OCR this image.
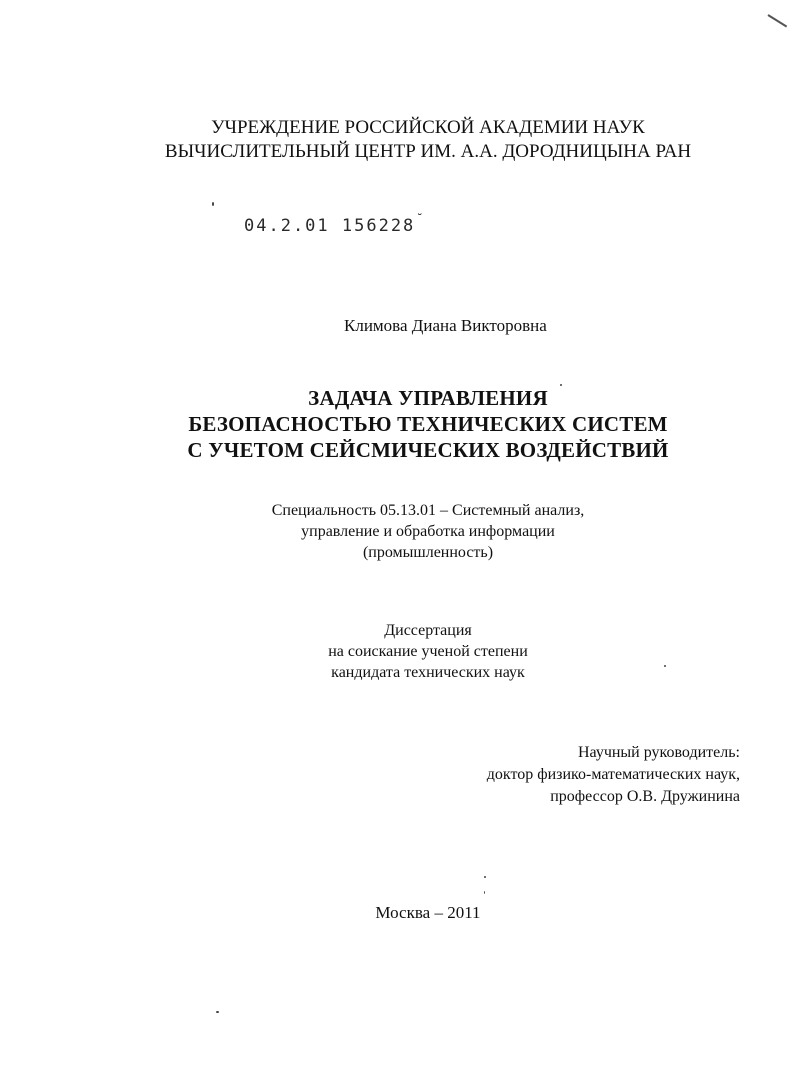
УЧРЕЖДЕНИЕ РОССИЙСКОЙ АКАДЕМИИ НАУК
ВЫЧИСЛИТЕЛЬНЫЙ ЦЕНТР ИМ. А.А. ДОРОДНИЦЫНА РАН
04.2.01 156228 ˘
Климова Диана Викторовна
ЗАДАЧА УПРАВЛЕНИЯ
БЕЗОПАСНОСТЬЮ ТЕХНИЧЕСКИХ СИСТЕМ
С УЧЕТОМ СЕЙСМИЧЕСКИХ ВОЗДЕЙСТВИЙ
Специальность 05.13.01 – Системный анализ,
управление и обработка информации
(промышленность)
Диссертация
на соискание ученой степени
кандидата технических наук
Научный руководитель:
доктор физико-математических наук,
профессор О.В. Дружинина
Москва – 2011
